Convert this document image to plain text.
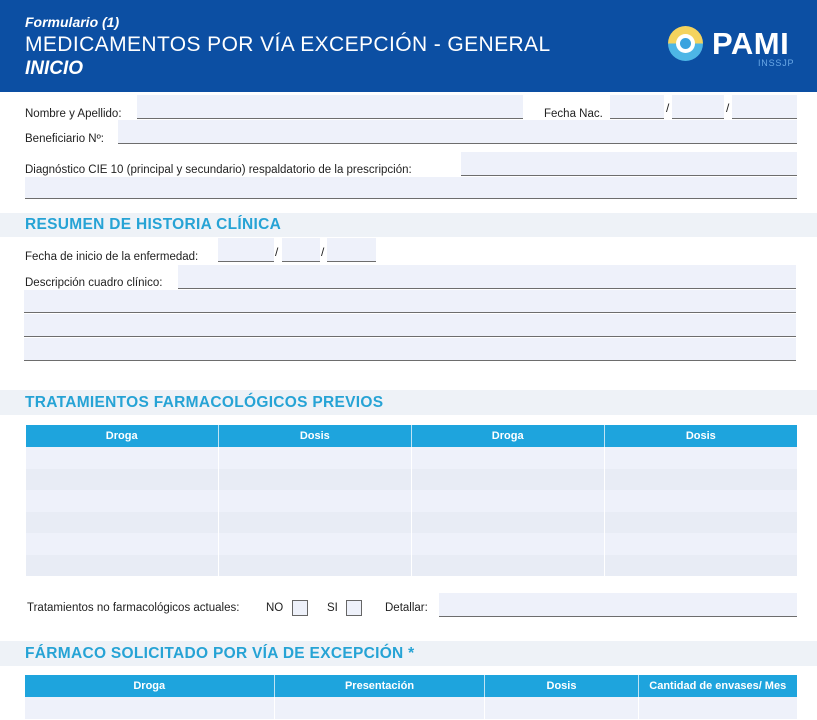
Formulario (1)
MEDICAMENTOS POR VÍA EXCEPCIÓN - GENERAL
INICIO
PAMI
INSSJP
Nombre y Apellido:	Fecha Nac.	/	/
Beneficiario Nº:
Diagnóstico CIE 10 (principal y secundario) respaldatorio de la prescripción:
RESUMEN DE HISTORIA CLÍNICA
Fecha de inicio de la enfermedad:	/	/
Descripción cuadro clínico:
TRATAMIENTOS FARMACOLÓGICOS PREVIOS
Droga	Dosis	Droga	Dosis

Tratamientos no farmacológicos actuales: NO	SI	Detallar:
FÁRMACO SOLICITADO POR VÍA DE EXCEPCIÓN *
Droga	Presentación	Dosis	Cantidad de envases/ Mes
